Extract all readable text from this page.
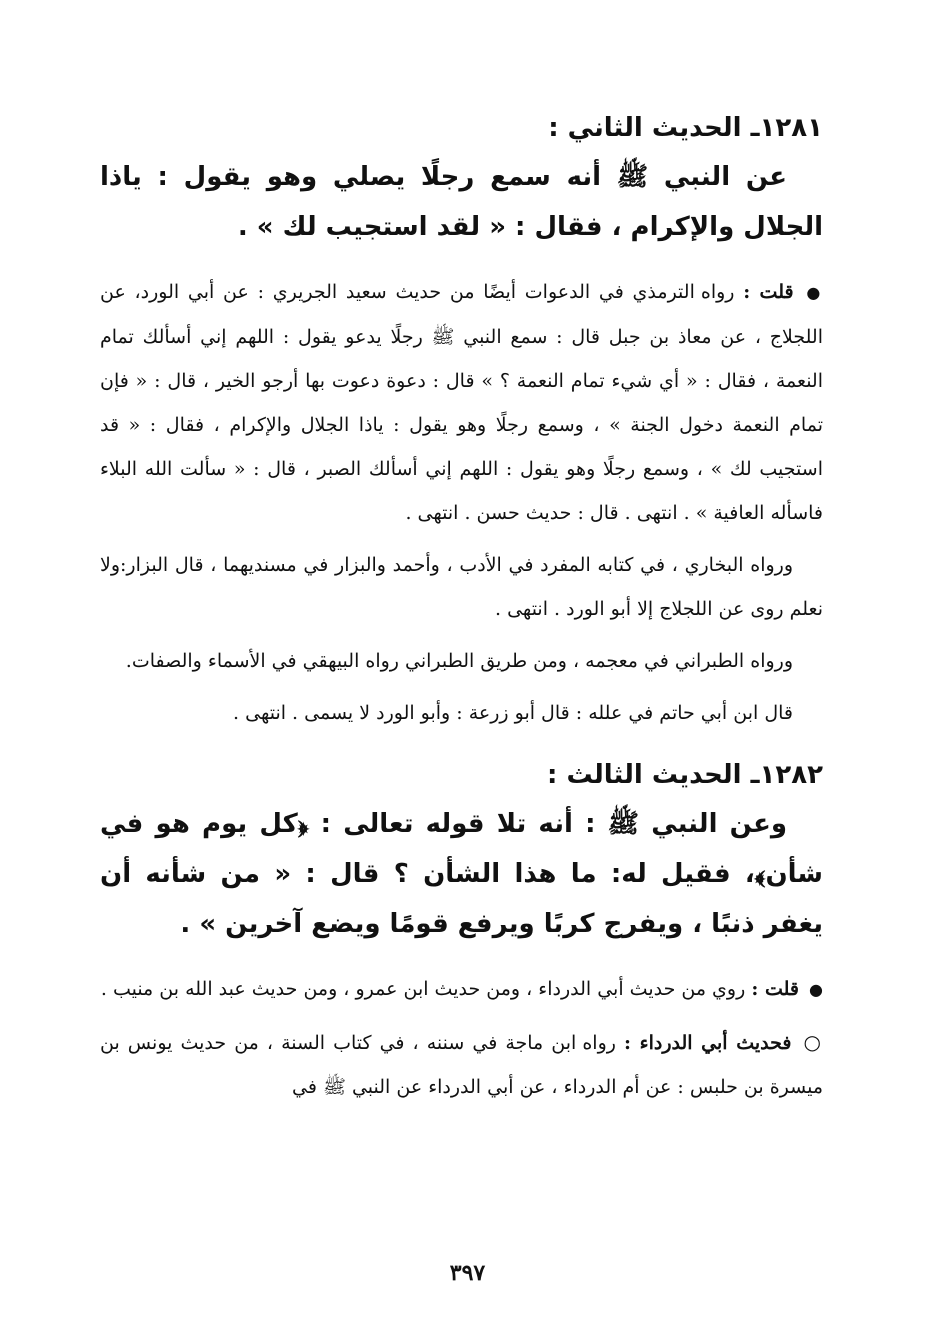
١٢٨١ـ الحديث الثاني :

عن النبي ﷺ أنه سمع رجلًا يصلي وهو يقول : ياذا الجلال والإكرام ، فقال : « لقد استجيب لك » .

● قلت : رواه الترمذي في الدعوات أيضًا من حديث سعيد الجريري : عن أبي الورد، عن اللجلاج ، عن معاذ بن جبل قال : سمع النبي ﷺ رجلًا يدعو يقول : اللهم إني أسألك تمام النعمة ، فقال : « أي شيء تمام النعمة ؟ » قال : دعوة دعوت بها أرجو الخير ، قال : « فإن تمام النعمة دخول الجنة » ، وسمع رجلًا وهو يقول : ياذا الجلال والإكرام ، فقال : « قد استجيب لك » ، وسمع رجلًا وهو يقول : اللهم إني أسألك الصبر ، قال : « سألت الله البلاء فاسأله العافية » . انتهى . قال : حديث حسن . انتهى .

ورواه البخاري ، في كتابه المفرد في الأدب ، وأحمد والبزار في مسنديهما ، قال البزار:ولا نعلم روى عن اللجلاج إلا أبو الورد . انتهى .

ورواه الطبراني في معجمه ، ومن طريق الطبراني رواه البيهقي في الأسماء والصفات.

قال ابن أبي حاتم في علله : قال أبو زرعة : وأبو الورد لا يسمى . انتهى .

١٢٨٢ـ الحديث الثالث :

وعن النبي ﷺ : أنه تلا قوله تعالى : ﴿كل يوم هو في شأن﴾، فقيل له: ما هذا الشأن ؟ قال : « من شأنه أن يغفر ذنبًا ، ويفرج كربًا ويرفع قومًا ويضع آخرين » .

● قلت : روي من حديث أبي الدرداء ، ومن حديث ابن عمرو ، ومن حديث عبد الله بن منيب .

○ فحديث أبي الدرداء : رواه ابن ماجة في سننه ، في كتاب السنة ، من حديث يونس بن ميسرة بن حلبس : عن أم الدرداء ، عن أبي الدرداء عن النبي ﷺ في

٣٩٧
